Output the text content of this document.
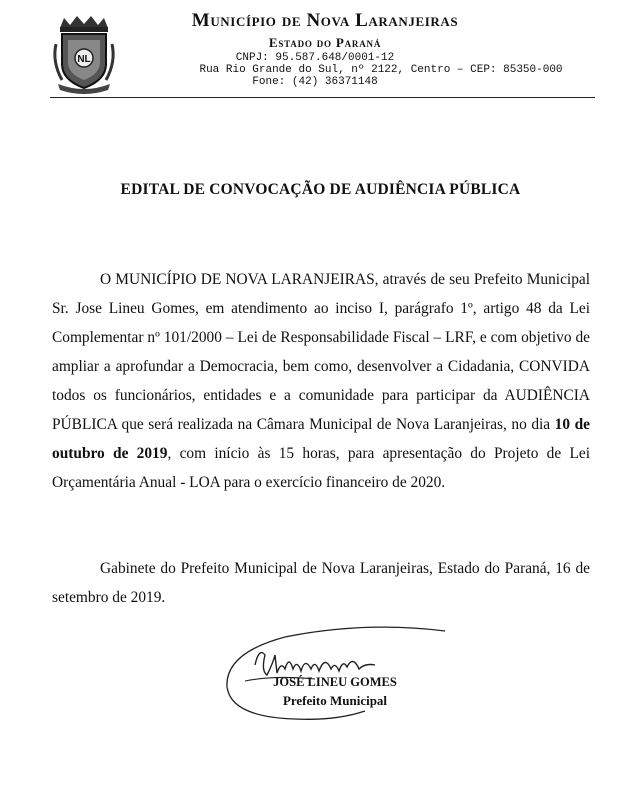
NL
Município de Nova Laranjeiras
Estado do Paraná
CNPJ: 95.587.648/0001-12
Rua Rio Grande do Sul, nº 2122, Centro – CEP: 85350-000
Fone: (42) 36371148
EDITAL DE CONVOCAÇÃO DE AUDIÊNCIA PÚBLICA

O MUNICÍPIO DE NOVA LARANJEIRAS, através de seu Prefeito Municipal Sr. Jose Lineu Gomes, em atendimento ao inciso I, parágrafo 1º, artigo 48 da Lei Complementar nº 101/2000 – Lei de Responsabilidade Fiscal – LRF, e com objetivo de ampliar a aprofundar a Democracia, bem como, desenvolver a Cidadania, CONVIDA todos os funcionários, entidades e a comunidade para participar da AUDIÊNCIA PÚBLICA que será realizada na Câmara Municipal de Nova Laranjeiras, no dia 10 de outubro de 2019, com início às 15 horas, para apresentação do Projeto de Lei Orçamentária Anual - LOA para o exercício financeiro de 2020.

Gabinete do Prefeito Municipal de Nova Laranjeiras, Estado do Paraná, 16 de setembro de 2019.

JOSÉ LINEU GOMES
Prefeito Municipal
